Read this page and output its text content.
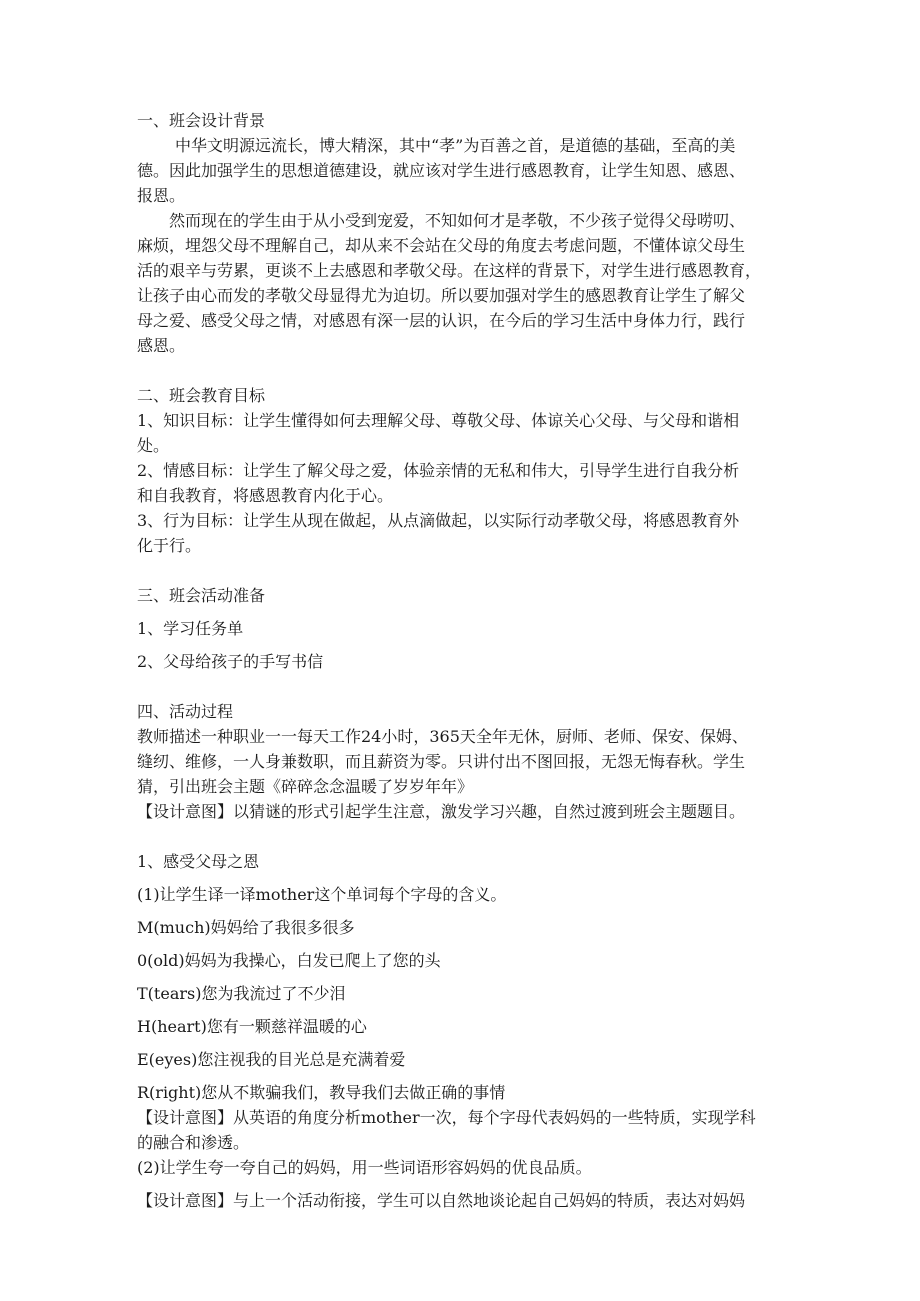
一、班会设计背景
中华文明源远流长，博大精深，其中“孝”为百善之首，是道德的基础，至高的美
德。因此加强学生的思想道德建设，就应该对学生进行感恩教育，让学生知恩、感恩、
报恩。
然而现在的学生由于从小受到宠爱，不知如何才是孝敬，不少孩子觉得父母唠叨、
麻烦，埋怨父母不理解自己，却从来不会站在父母的角度去考虑问题，不懂体谅父母生
活的艰辛与劳累，更谈不上去感恩和孝敬父母。在这样的背景下，对学生进行感恩教育，
让孩子由心而发的孝敬父母显得尤为迫切。所以要加强对学生的感恩教育让学生了解父
母之爱、感受父母之情，对感恩有深一层的认识，在今后的学习生活中身体力行，践行
感恩。
二、班会教育目标
1、知识目标：让学生懂得如何去理解父母、尊敬父母、体谅关心父母、与父母和谐相
处。
2、情感目标：让学生了解父母之爱，体验亲情的无私和伟大，引导学生进行自我分析
和自我教育，将感恩教育内化于心。
3、行为目标：让学生从现在做起，从点滴做起，以实际行动孝敬父母，将感恩教育外
化于行。
三、班会活动准备
1、学习任务单
2、父母给孩子的手写书信
四、活动过程
教师描述一种职业一一每天工作24小时，365天全年无休，厨师、老师、保安、保姆、
缝纫、维修，一人身兼数职，而且薪资为零。只讲付出不图回报，无怨无悔春秋。学生
猜，引出班会主题《碎碎念念温暖了岁岁年年》
【设计意图】以猜谜的形式引起学生注意，激发学习兴趣，自然过渡到班会主题题目。
1、感受父母之恩
(1)让学生译一译mother这个单词每个字母的含义。
M(much)妈妈给了我很多很多
0(old)妈妈为我操心，白发已爬上了您的头
T(tears)您为我流过了不少泪
H(heart)您有一颗慈祥温暖的心
E(eyes)您注视我的目光总是充满着爱
R(right)您从不欺骗我们，教导我们去做正确的事情
【设计意图】从英语的角度分析mother一次，每个字母代表妈妈的一些特质，实现学科
的融合和渗透。
(2)让学生夸一夸自己的妈妈，用一些词语形容妈妈的优良品质。
【设计意图】与上一个活动衔接，学生可以自然地谈论起自己妈妈的特质，表达对妈妈
